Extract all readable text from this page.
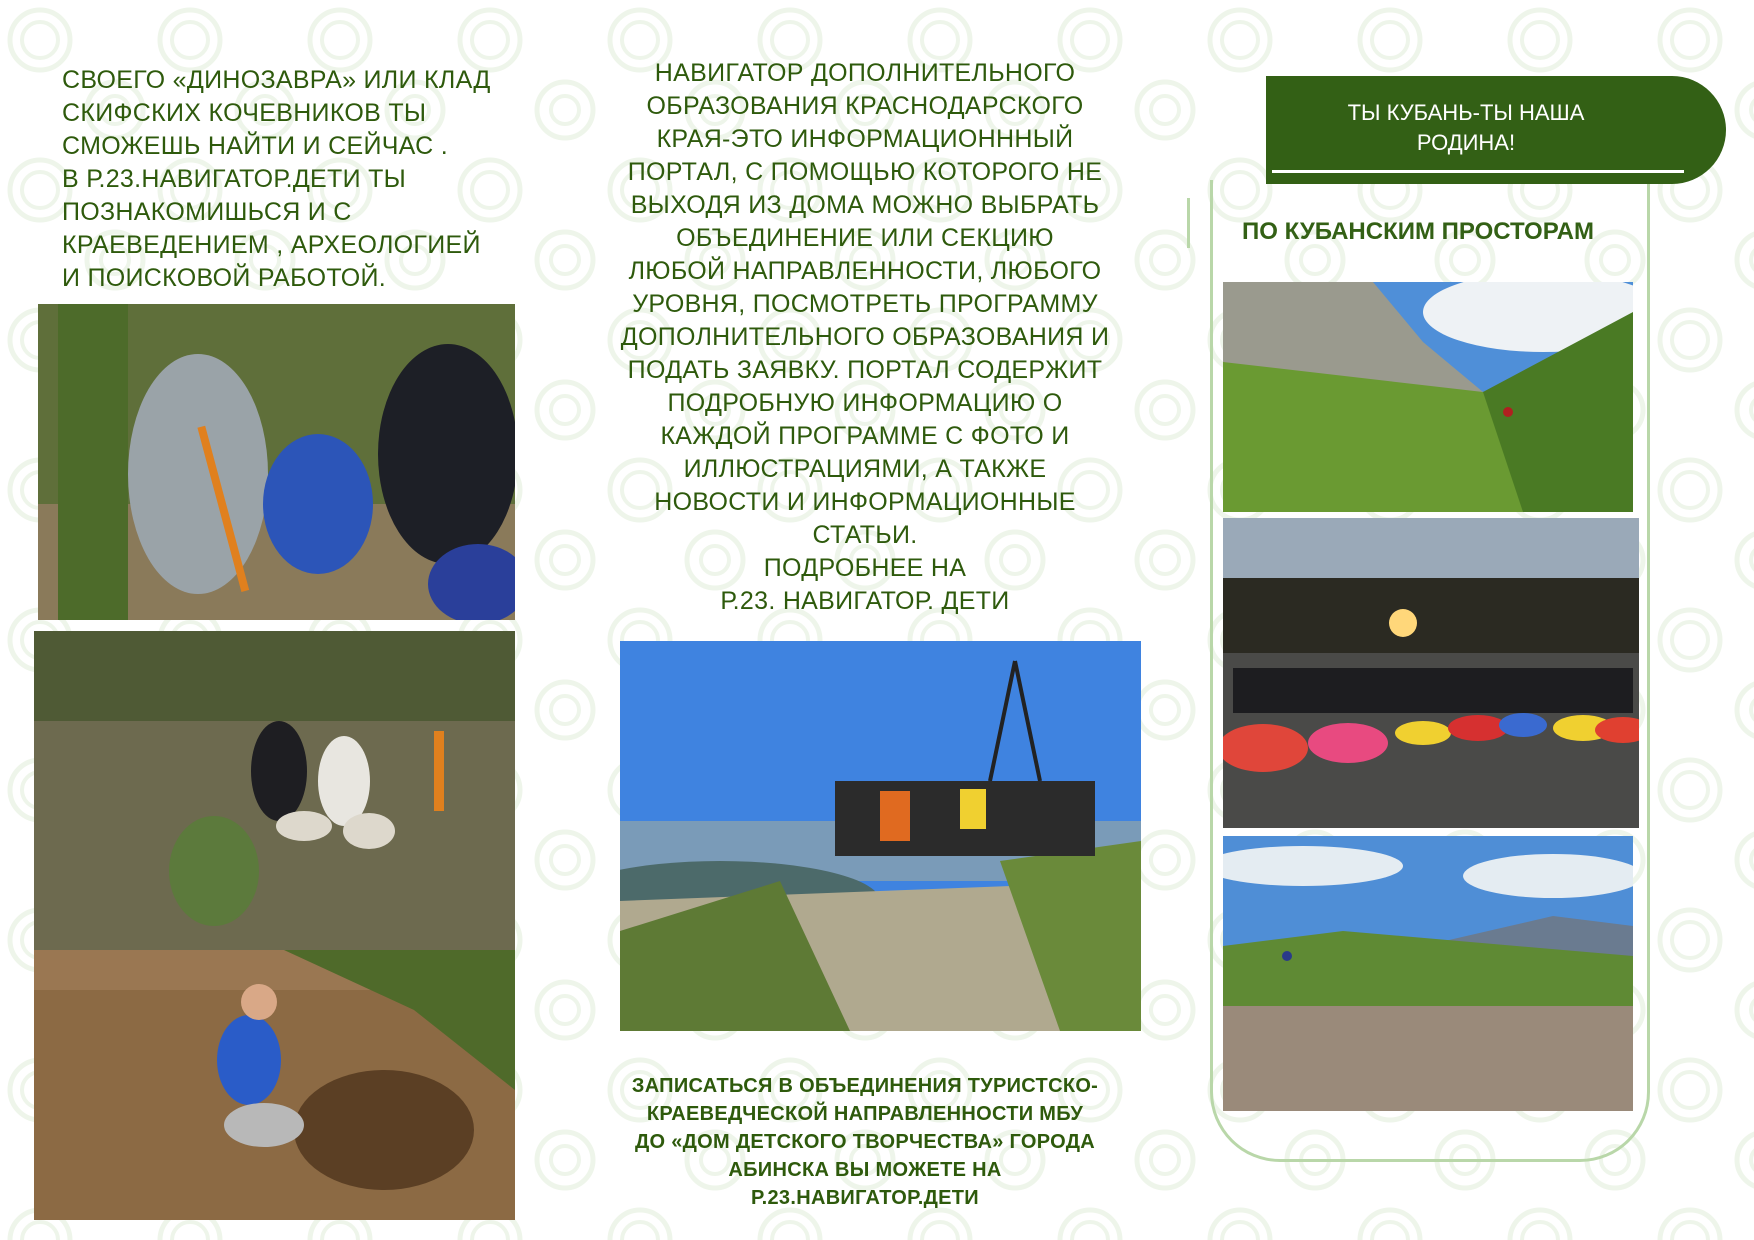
СВОЕГО «ДИНОЗАВРА» ИЛИ КЛАД
СКИФСКИХ КОЧЕВНИКОВ ТЫ
СМОЖЕШЬ НАЙТИ И СЕЙЧАС .
В Р.23.НАВИГАТОР.ДЕТИ ТЫ
ПОЗНАКОМИШЬСЯ И С
КРАЕВЕДЕНИЕМ , АРХЕОЛОГИЕЙ
И ПОИСКОВОЙ РАБОТОЙ.
НАВИГАТОР ДОПОЛНИТЕЛЬНОГО
ОБРАЗОВАНИЯ КРАСНОДАРСКОГО
КРАЯ-ЭТО ИНФОРМАЦИОНННЫЙ
ПОРТАЛ, С ПОМОЩЬЮ КОТОРОГО НЕ
ВЫХОДЯ ИЗ ДОМА МОЖНО ВЫБРАТЬ
ОБЪЕДИНЕНИЕ ИЛИ СЕКЦИЮ
ЛЮБОЙ НАПРАВЛЕННОСТИ, ЛЮБОГО
УРОВНЯ, ПОСМОТРЕТЬ ПРОГРАММУ
ДОПОЛНИТЕЛЬНОГО ОБРАЗОВАНИЯ И
ПОДАТЬ ЗАЯВКУ. ПОРТАЛ СОДЕРЖИТ
ПОДРОБНУЮ ИНФОРМАЦИЮ О
КАЖДОЙ ПРОГРАММЕ С ФОТО И
ИЛЛЮСТРАЦИЯМИ, А ТАКЖЕ
НОВОСТИ И ИНФОРМАЦИОННЫЕ
СТАТЬИ.
ПОДРОБНЕЕ НА
Р.23. НАВИГАТОР. ДЕТИ
ЗАПИСАТЬСЯ В ОБЪЕДИНЕНИЯ ТУРИСТСКО-
КРАЕВЕДЧЕСКОЙ НАПРАВЛЕННОСТИ МБУ
ДО «ДОМ ДЕТСКОГО ТВОРЧЕСТВА» ГОРОДА
АБИНСКА ВЫ МОЖЕТЕ НА
Р.23.НАВИГАТОР.ДЕТИ
ТЫ КУБАНЬ-ТЫ НАША
РОДИНА!
ПО КУБАНСКИМ ПРОСТОРАМ
